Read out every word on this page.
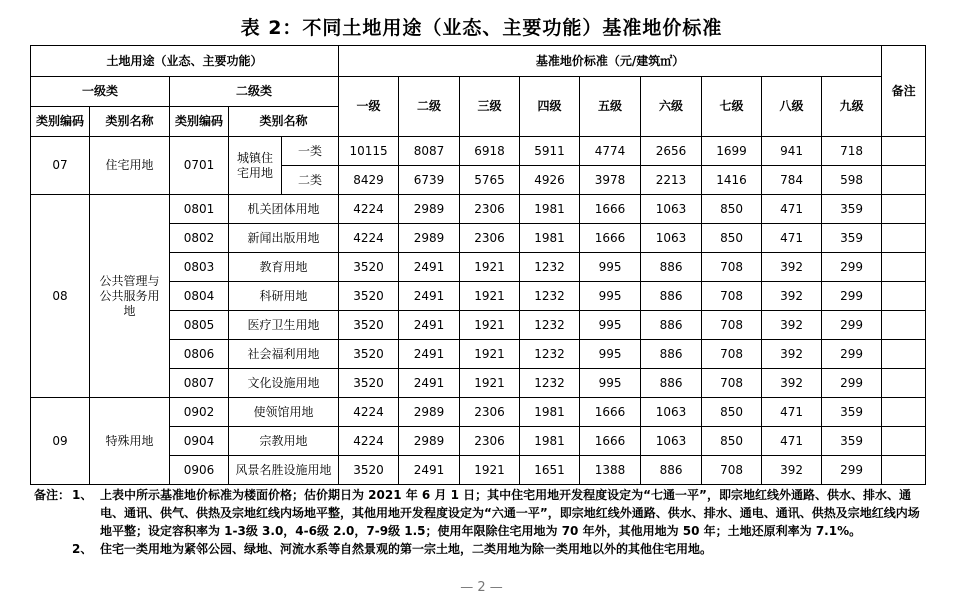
表 2：不同土地用途（业态、主要功能）基准地价标准
土地用途（业态、主要功能）					基准地价标准（元/建筑㎡）									备注
一级类		二级类			一级	二级	三级	四级	五级	六级	七级	八级	九级	
类别编码	类别名称	类别编码	类别名称											
07	住宅用地	0701	城镇住宅用地	一类	10115	8087	6918	5911	4774	2656	1699	941	718	
				二类	8429	6739	5765	4926	3978	2213	1416	784	598	
08	公共管理与公共服务用地	0801	机关团体用地		4224	2989	2306	1981	1666	1063	850	471	359	
		0802	新闻出版用地		4224	2989	2306	1981	1666	1063	850	471	359	
		0803	教育用地		3520	2491	1921	1232	995	886	708	392	299	
		0804	科研用地		3520	2491	1921	1232	995	886	708	392	299	
		0805	医疗卫生用地		3520	2491	1921	1232	995	886	708	392	299	
		0806	社会福利用地		3520	2491	1921	1232	995	886	708	392	299	
		0807	文化设施用地		3520	2491	1921	1232	995	886	708	392	299	
09	特殊用地	0902	使领馆用地		4224	2989	2306	1981	1666	1063	850	471	359	
		0904	宗教用地		4224	2989	2306	1981	1666	1063	850	471	359	
		0906	风景名胜设施用地		3520	2491	1921	1651	1388	886	708	392	299	
备注： 1、 上表中所示基准地价标准为楼面价格；估价期日为 2021 年 6 月 1 日；其中住宅用地开发程度设定为“七通一平”，即宗地红线外通路、供水、排水、通电、通讯、供气、供热及宗地红线内场地平整，其他用地开发程度设定为“六通一平”，即宗地红线外通路、供水、排水、通电、通讯、供热及宗地红线内场地平整；设定容积率为 1-3级 3.0，4-6级 2.0，7-9级 1.5；使用年限除住宅用地为 70 年外，其他用地为 50 年；土地还原利率为 7.1%。
2、 住宅一类用地为紧邻公园、绿地、河流水系等自然景观的第一宗土地，二类用地为除一类用地以外的其他住宅用地。
— 2 —
